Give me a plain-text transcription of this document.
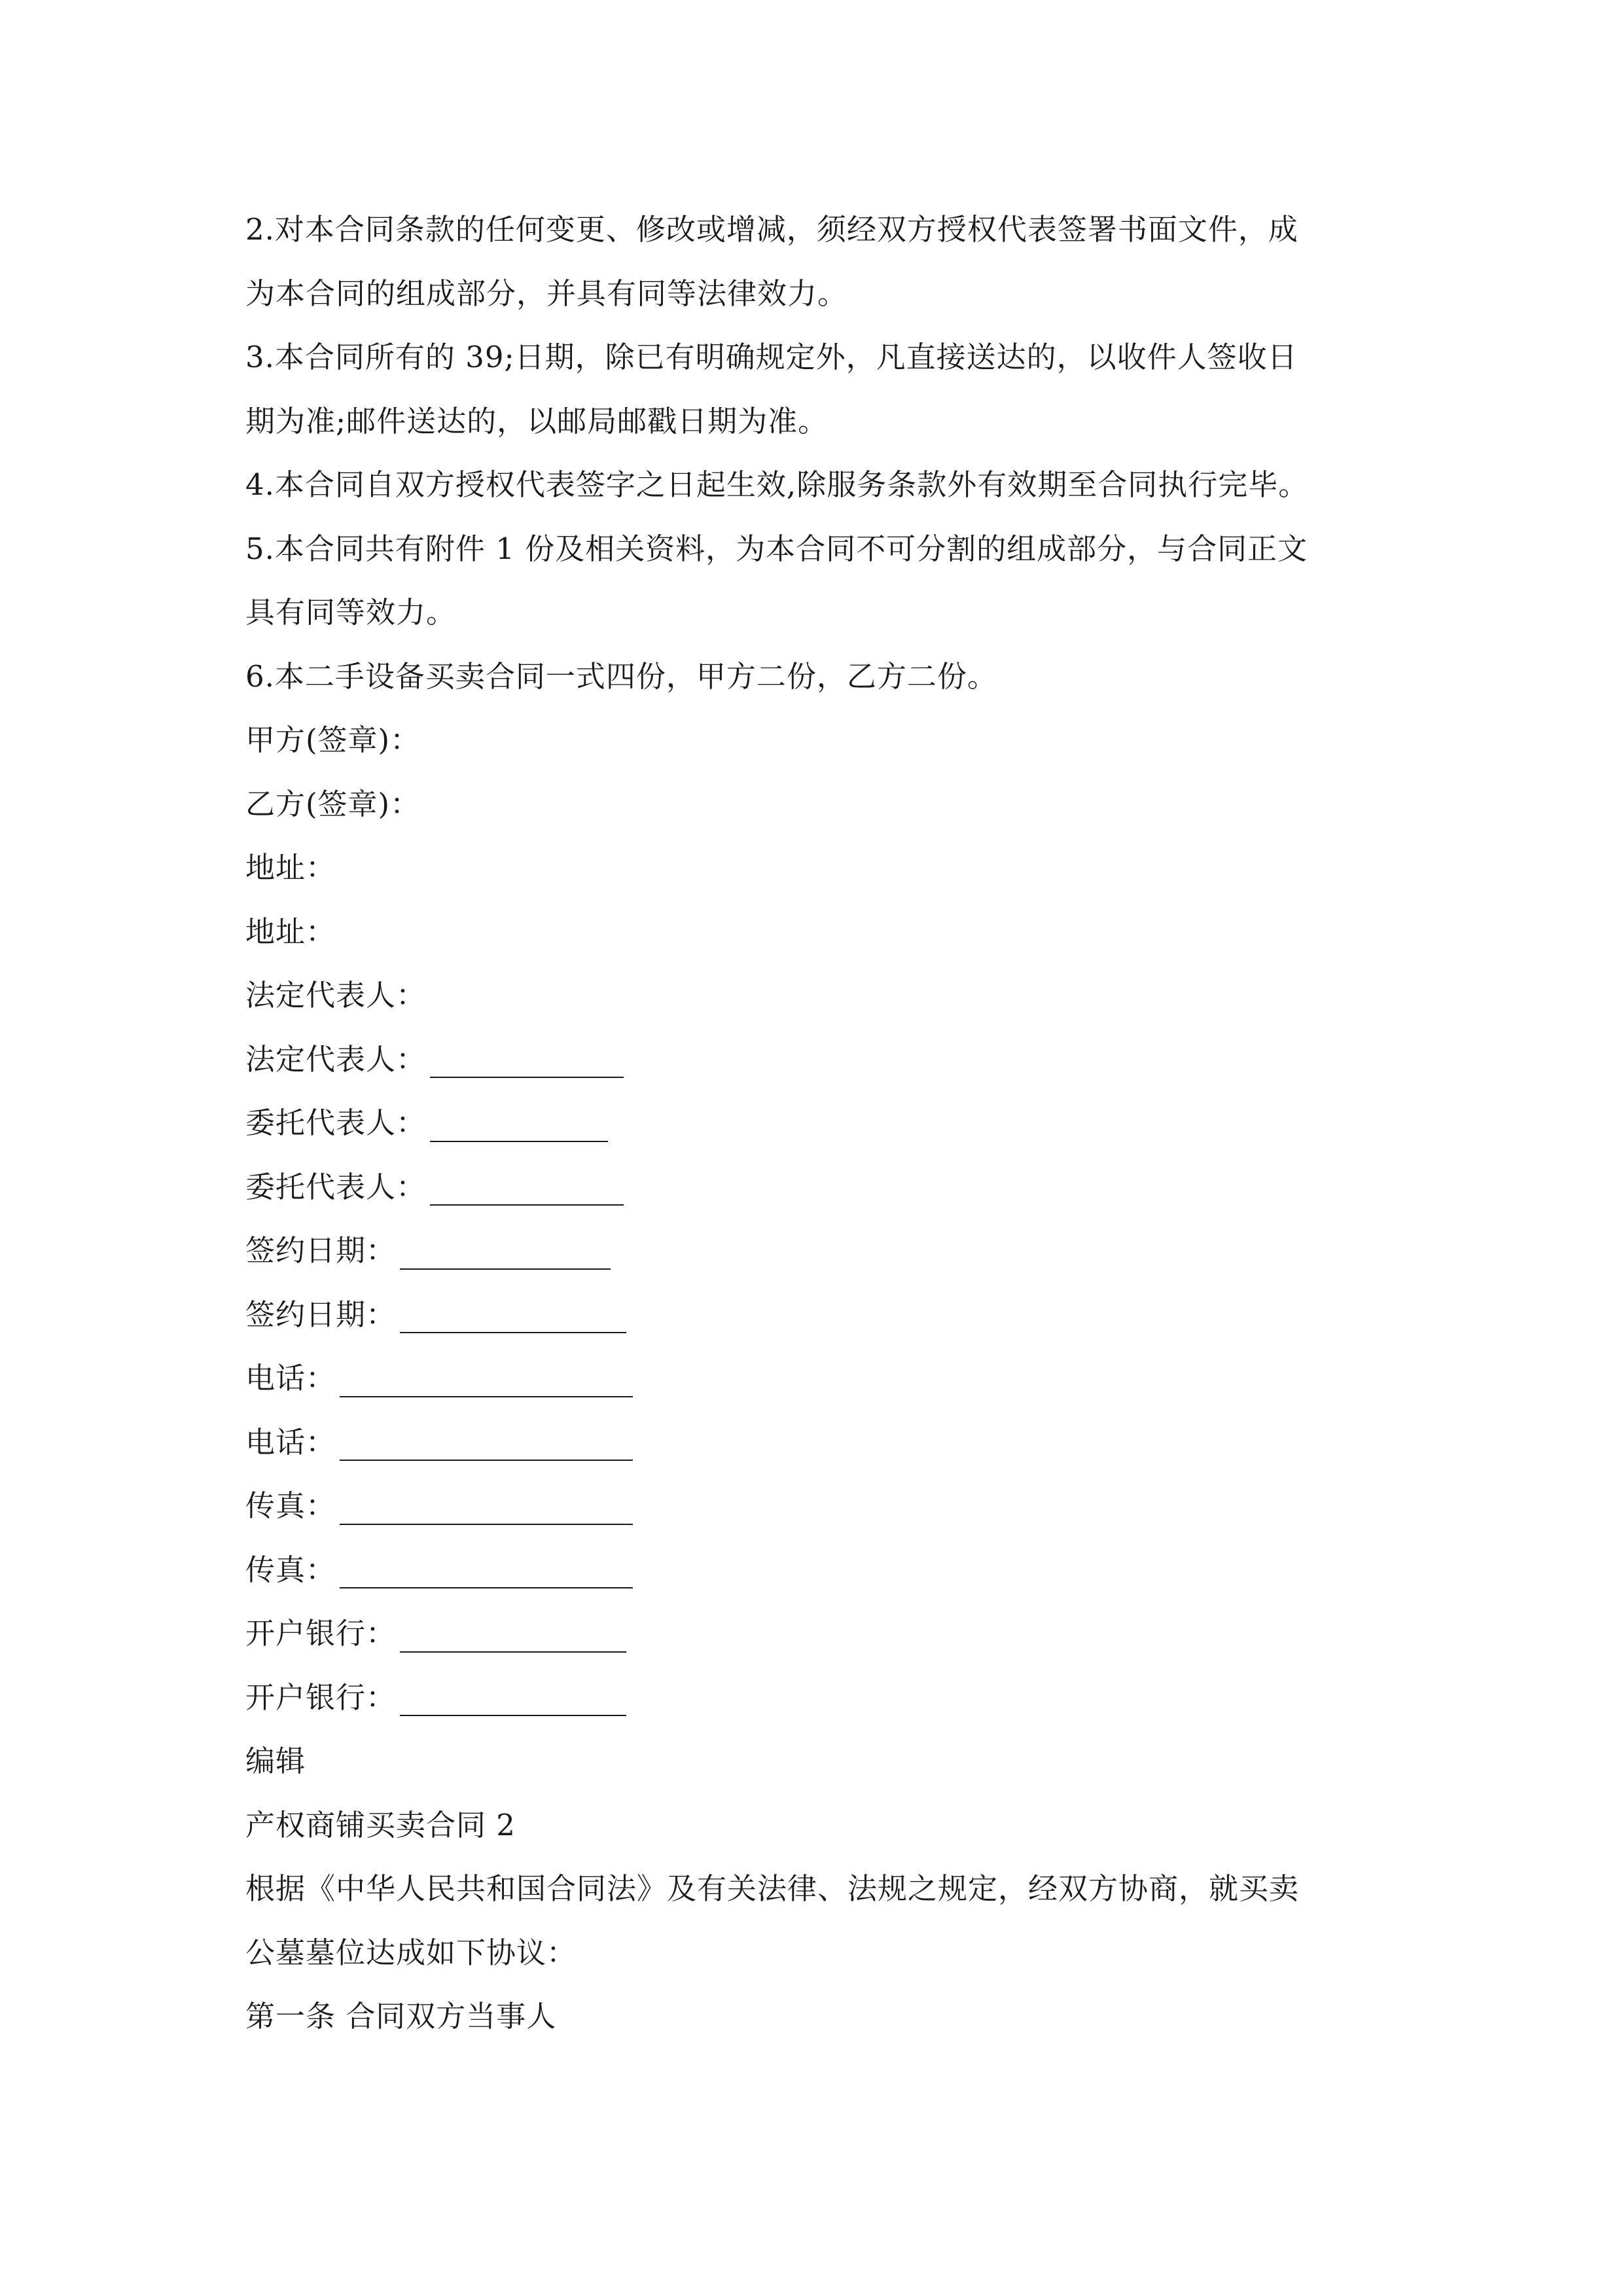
2.对本合同条款的任何变更、修改或增减，须经双方授权代表签署书面文件，成
为本合同的组成部分，并具有同等法律效力。
3.本合同所有的 39;日期，除已有明确规定外，凡直接送达的，以收件人签收日
期为准;邮件送达的，以邮局邮戳日期为准。
4.本合同自双方授权代表签字之日起生效,除服务条款外有效期至合同执行完毕。
5.本合同共有附件 1 份及相关资料，为本合同不可分割的组成部分，与合同正文
具有同等效力。
6.本二手设备买卖合同一式四份，甲方二份，乙方二份。
甲方(签章)：
乙方(签章)：
地址：
地址：
法定代表人：
法定代表人：
委托代表人：
委托代表人：
签约日期：
签约日期：
电话：
电话：
传真：
传真：
开户银行：
开户银行：
编辑
产权商铺买卖合同 2
根据《中华人民共和国合同法》及有关法律、法规之规定，经双方协商，就买卖
公墓墓位达成如下协议：
第一条 合同双方当事人
